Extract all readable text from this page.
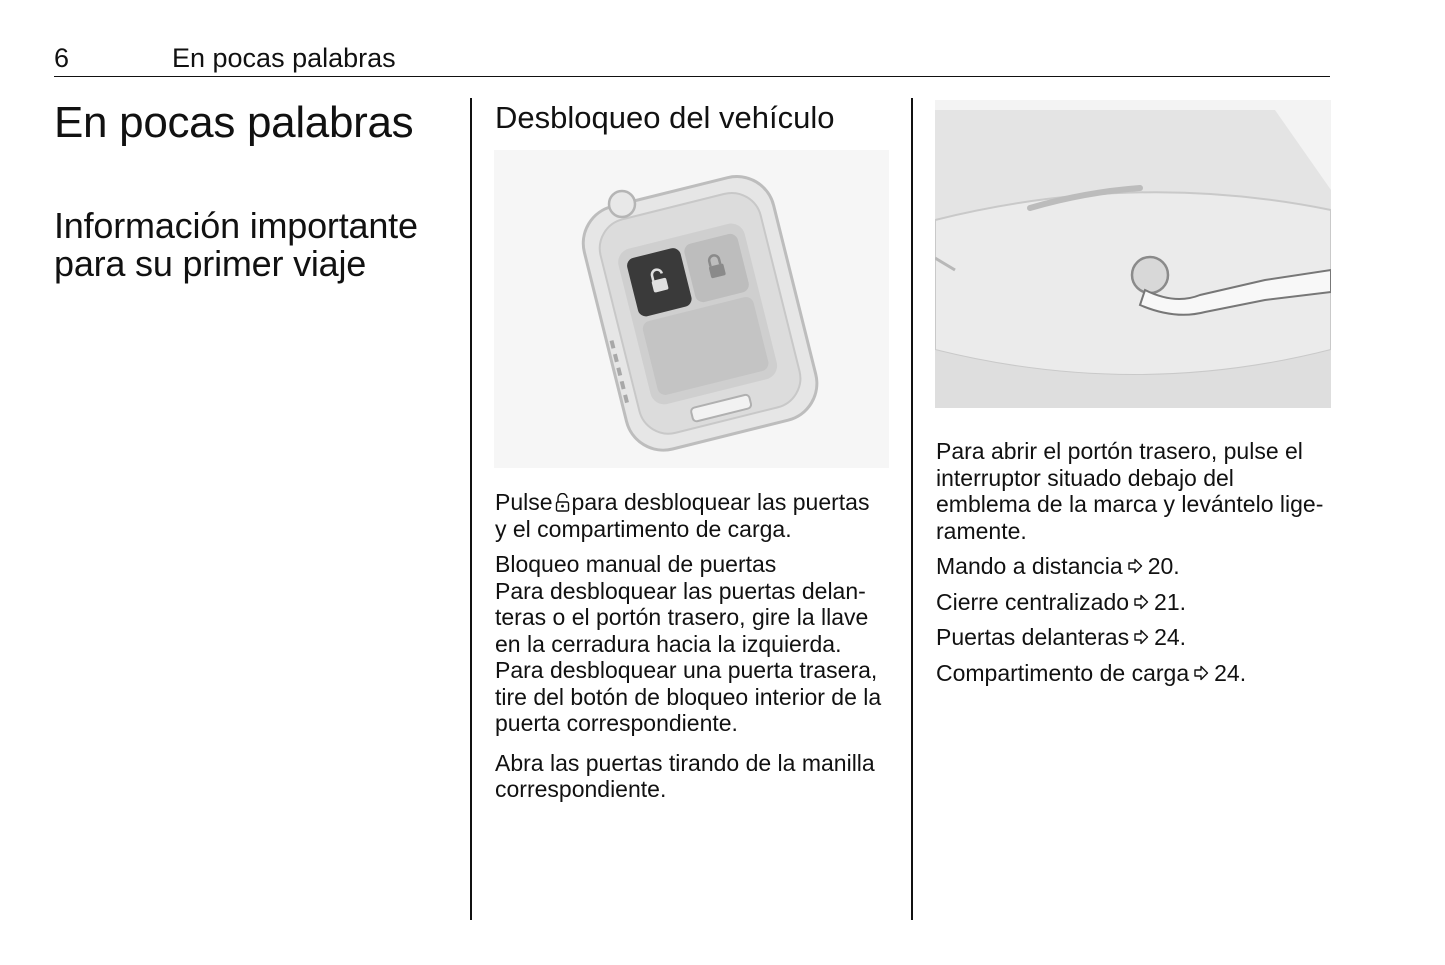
6	En pocas palabras
En pocas palabras
Información importante
para su primer viaje
Desbloqueo del vehículo

Pulse para desbloquear las puertas
y el compartimento de carga.

Bloqueo manual de puertas

Para desbloquear las puertas delan-
teras o el portón trasero, gire la llave
en la cerradura hacia la izquierda.
Para desbloquear una puerta trasera,
tire del botón de bloqueo interior de la
puerta correspondiente.

Abra las puertas tirando de la manilla
correspondiente.

Para abrir el portón trasero, pulse el
interruptor situado debajo del
emblema de la marca y levántelo lige-
ramente.

Mando a distancia 20.

Cierre centralizado 21.

Puertas delanteras 24.

Compartimento de carga 24.
